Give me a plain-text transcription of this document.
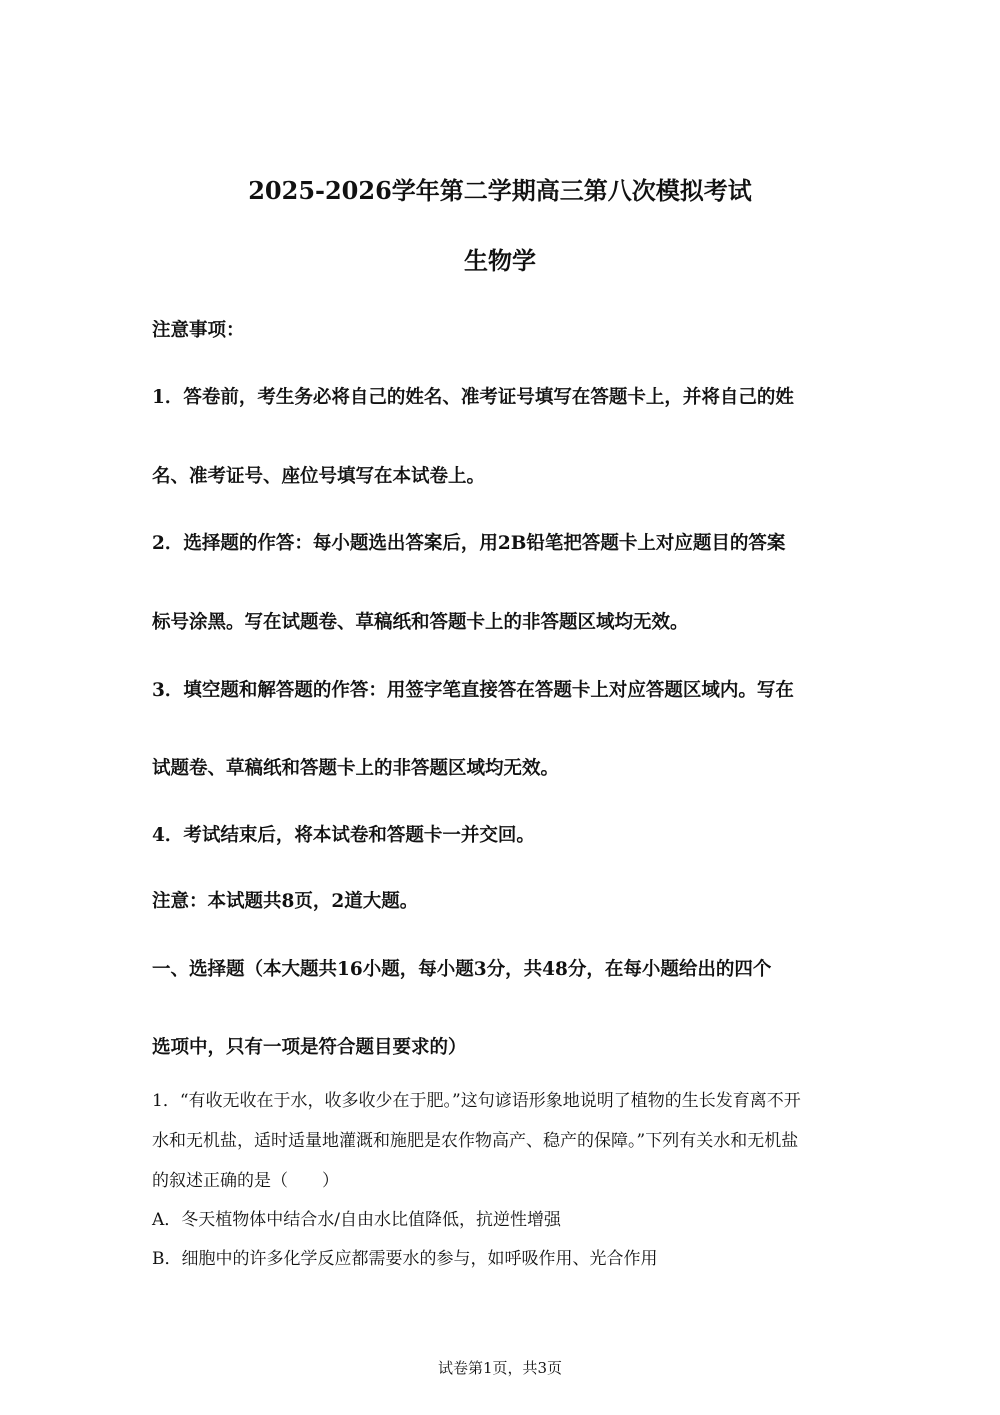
2025-2026学年第二学期高三第八次模拟考试
生物学
注意事项：
1．答卷前，考生务必将自己的姓名、准考证号填写在答题卡上，并将自己的姓
名、准考证号、座位号填写在本试卷上。
2．选择题的作答：每小题选出答案后，用2B铅笔把答题卡上对应题目的答案
标号涂黑。写在试题卷、草稿纸和答题卡上的非答题区域均无效。
3．填空题和解答题的作答：用签字笔直接答在答题卡上对应答题区域内。写在
试题卷、草稿纸和答题卡上的非答题区域均无效。
4．考试结束后，将本试卷和答题卡一并交回。
注意：本试题共8页，2道大题。
一、选择题（本大题共16小题，每小题3分，共48分，在每小题给出的四个
选项中，只有一项是符合题目要求的）
1．“有收无收在于水，收多收少在于肥。”这句谚语形象地说明了植物的生长发育离不开
水和无机盐，适时适量地灌溉和施肥是农作物高产、稳产的保障。”下列有关水和无机盐
的叙述正确的是（　　）
A．冬天植物体中结合水/自由水比值降低，抗逆性增强
B．细胞中的许多化学反应都需要水的参与，如呼吸作用、光合作用
试卷第1页，共3页
